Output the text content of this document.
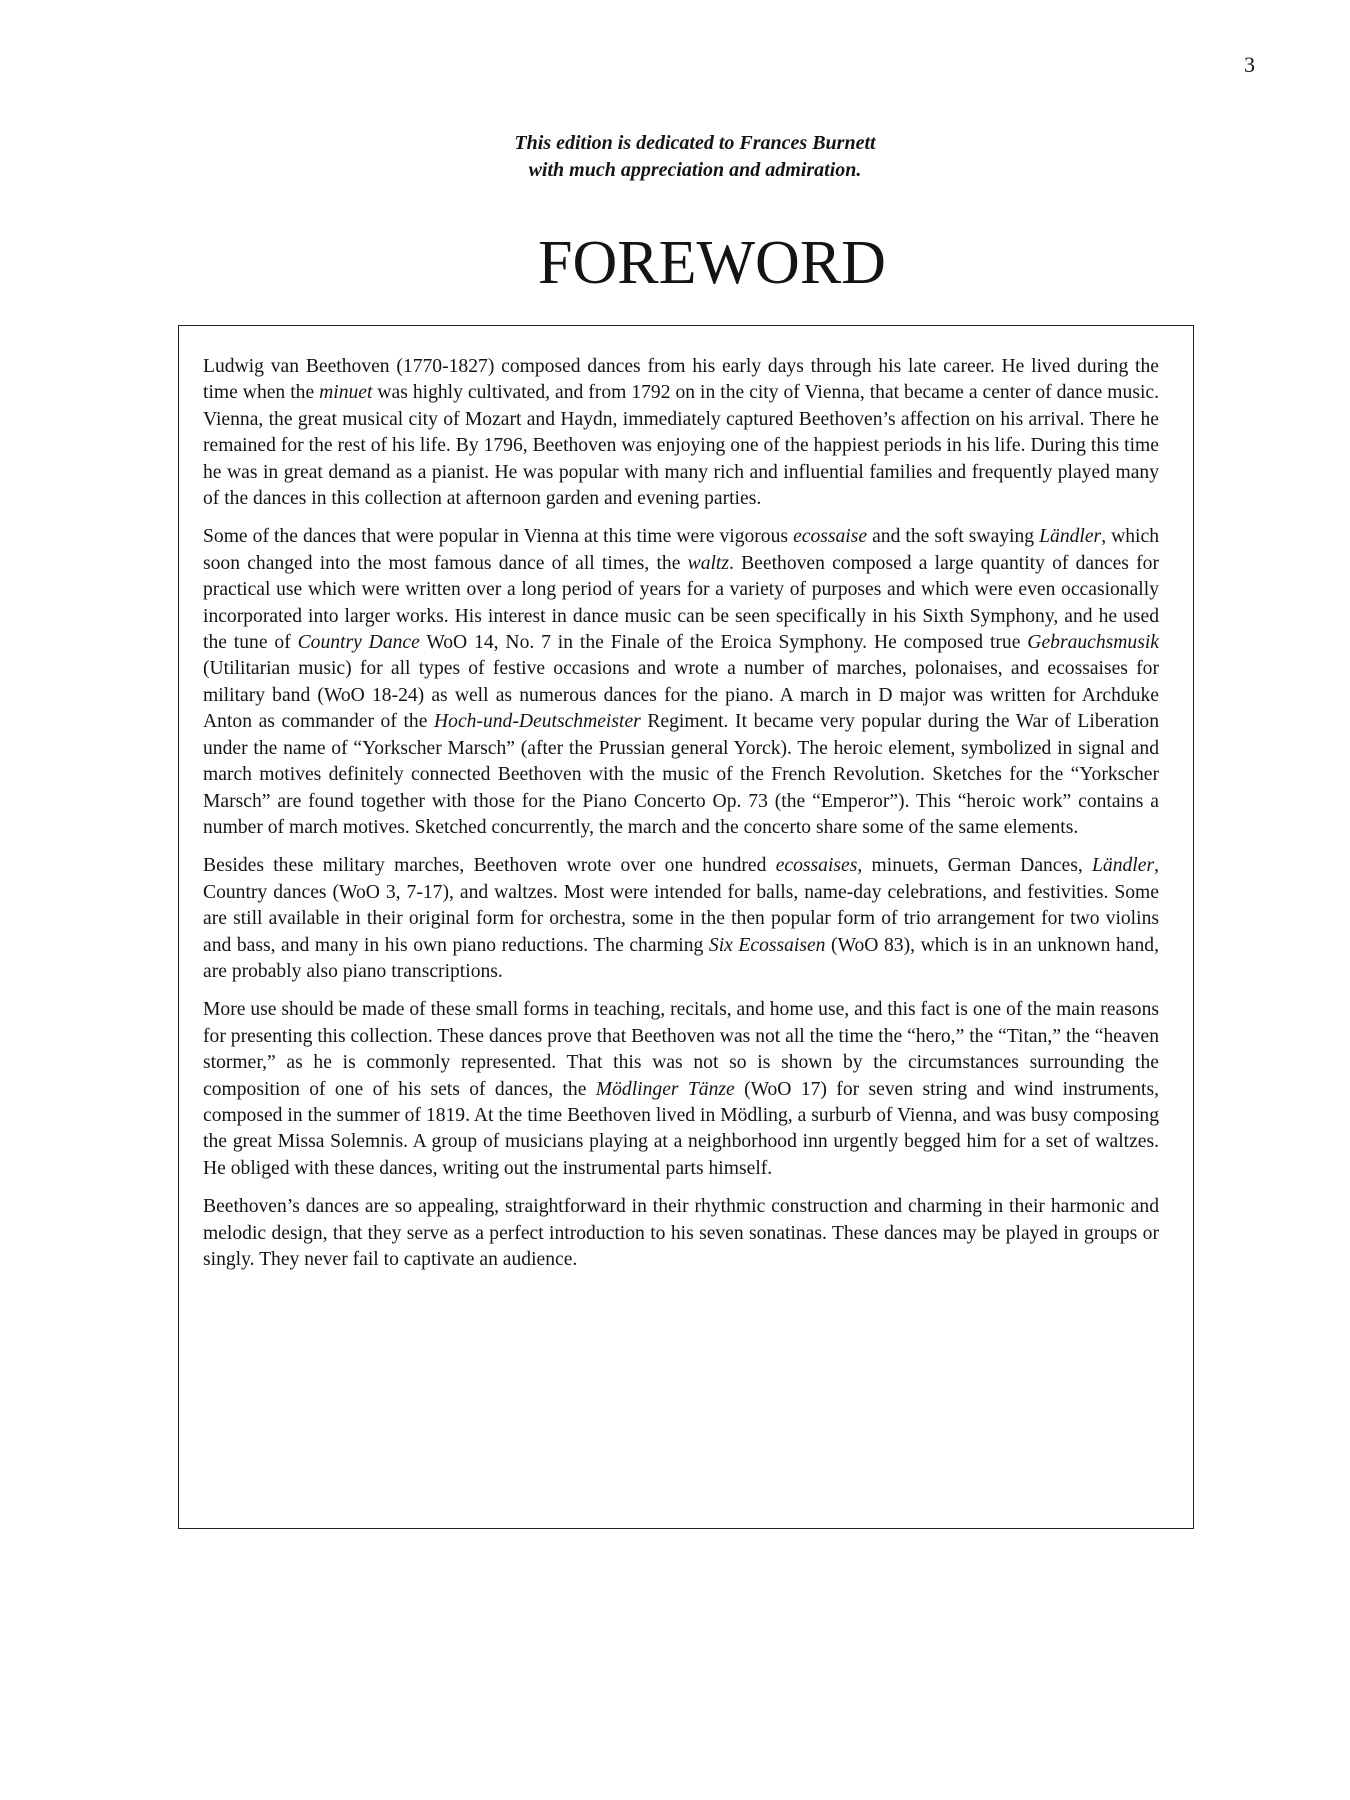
3
This edition is dedicated to Frances Burnett
with much appreciation and admiration.
FOREWORD

Ludwig van Beethoven (1770-1827) composed dances from his early days through his late career. He lived during the time when the minuet was highly cultivated, and from 1792 on in the city of Vienna, that became a center of dance music. Vienna, the great musical city of Mozart and Haydn, immediately captured Beethoven’s affection on his arrival. There he remained for the rest of his life. By 1796, Beethoven was enjoying one of the happiest periods in his life. During this time he was in great demand as a pianist. He was popular with many rich and influential families and frequently played many of the dances in this collection at afternoon garden and evening parties.

Some of the dances that were popular in Vienna at this time were vigorous ecossaise and the soft swaying Ländler, which soon changed into the most famous dance of all times, the waltz. Beethoven composed a large quantity of dances for practical use which were written over a long period of years for a variety of purposes and which were even occasionally incorporated into larger works. His interest in dance music can be seen specifically in his Sixth Symphony, and he used the tune of Country Dance WoO 14, No. 7 in the Finale of the Eroica Symphony. He composed true Gebrauchsmusik (Utilitarian music) for all types of festive occasions and wrote a number of marches, polonaises, and ecossaises for military band (WoO 18-24) as well as numerous dances for the piano. A march in D major was written for Archduke Anton as commander of the Hoch-und-Deutschmeister Regiment. It became very popular during the War of Liberation under the name of “Yorkscher Marsch” (after the Prussian general Yorck). The heroic element, symbolized in signal and march motives definitely connected Beethoven with the music of the French Revolution. Sketches for the “Yorkscher Marsch” are found together with those for the Piano Concerto Op. 73 (the “Emperor”). This “heroic work” contains a number of march motives. Sketched concurrently, the march and the concerto share some of the same elements.

Besides these military marches, Beethoven wrote over one hundred ecossaises, minuets, German Dances, Ländler, Country dances (WoO 3, 7-17), and waltzes. Most were intended for balls, name-day celebrations, and festivities. Some are still available in their original form for orchestra, some in the then popular form of trio arrangement for two violins and bass, and many in his own piano reductions. The charming Six Ecossaisen (WoO 83), which is in an unknown hand, are probably also piano transcriptions.

More use should be made of these small forms in teaching, recitals, and home use, and this fact is one of the main reasons for presenting this collection. These dances prove that Beethoven was not all the time the “hero,” the “Titan,” the “heaven stormer,” as he is commonly represented. That this was not so is shown by the circumstances surrounding the composition of one of his sets of dances, the Mödlinger Tänze (WoO 17) for seven string and wind instruments, composed in the summer of 1819. At the time Beethoven lived in Mödling, a surburb of Vienna, and was busy composing the great Missa Solemnis. A group of musicians playing at a neighborhood inn urgently begged him for a set of waltzes. He obliged with these dances, writing out the instrumental parts himself.

Beethoven’s dances are so appealing, straightforward in their rhythmic construction and charming in their harmonic and melodic design, that they serve as a perfect introduction to his seven sonatinas. These dances may be played in groups or singly. They never fail to captivate an audience.
